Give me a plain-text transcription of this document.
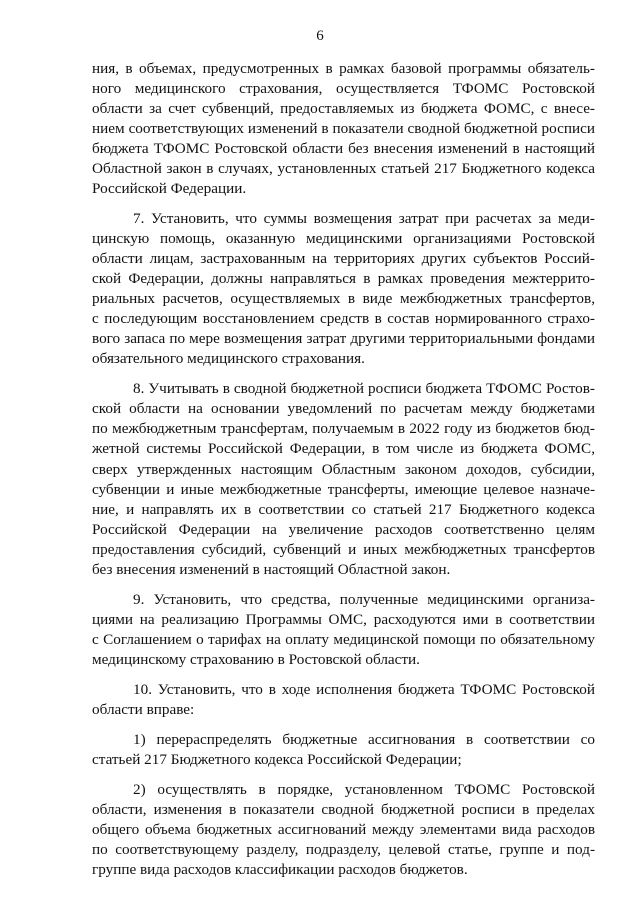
6
ния, в объемах, предусмотренных в рамках базовой программы обязатель-
ного медицинского страхования, осуществляется ТФОМС Ростовской
области за счет субвенций, предоставляемых из бюджета ФОМС, с внесе-
нием соответствующих изменений в показатели сводной бюджетной росписи
бюджета ТФОМС Ростовской области без внесения изменений в настоящий
Областной закон в случаях, установленных статьей 217 Бюджетного кодекса
Российской Федерации.
7. Установить, что суммы возмещения затрат при расчетах за меди-
цинскую помощь, оказанную медицинскими организациями Ростовской
области лицам, застрахованным на территориях других субъектов Россий-
ской Федерации, должны направляться в рамках проведения межтеррито-
риальных расчетов, осуществляемых в виде межбюджетных трансфертов,
с последующим восстановлением средств в состав нормированного страхо-
вого запаса по мере возмещения затрат другими территориальными фондами
обязательного медицинского страхования.
8. Учитывать в сводной бюджетной росписи бюджета ТФОМС Ростов-
ской области на основании уведомлений по расчетам между бюджетами
по межбюджетным трансфертам, получаемым в 2022 году из бюджетов бюд-
жетной системы Российской Федерации, в том числе из бюджета ФОМС,
сверх утвержденных настоящим Областным законом доходов, субсидии,
субвенции и иные межбюджетные трансферты, имеющие целевое назначе-
ние, и направлять их в соответствии со статьей 217 Бюджетного кодекса
Российской Федерации на увеличение расходов соответственно целям
предоставления субсидий, субвенций и иных межбюджетных трансфертов
без внесения изменений в настоящий Областной закон.
9. Установить, что средства, полученные медицинскими организа-
циями на реализацию Программы ОМС, расходуются ими в соответствии
с Соглашением о тарифах на оплату медицинской помощи по обязательному
медицинскому страхованию в Ростовской области.
10. Установить, что в ходе исполнения бюджета ТФОМС Ростовской
области вправе:
1) перераспределять бюджетные ассигнования в соответствии со
статьей 217 Бюджетного кодекса Российской Федерации;
2) осуществлять в порядке, установленном ТФОМС Ростовской
области, изменения в показатели сводной бюджетной росписи в пределах
общего объема бюджетных ассигнований между элементами вида расходов
по соответствующему разделу, подразделу, целевой статье, группе и под-
группе вида расходов классификации расходов бюджетов.
